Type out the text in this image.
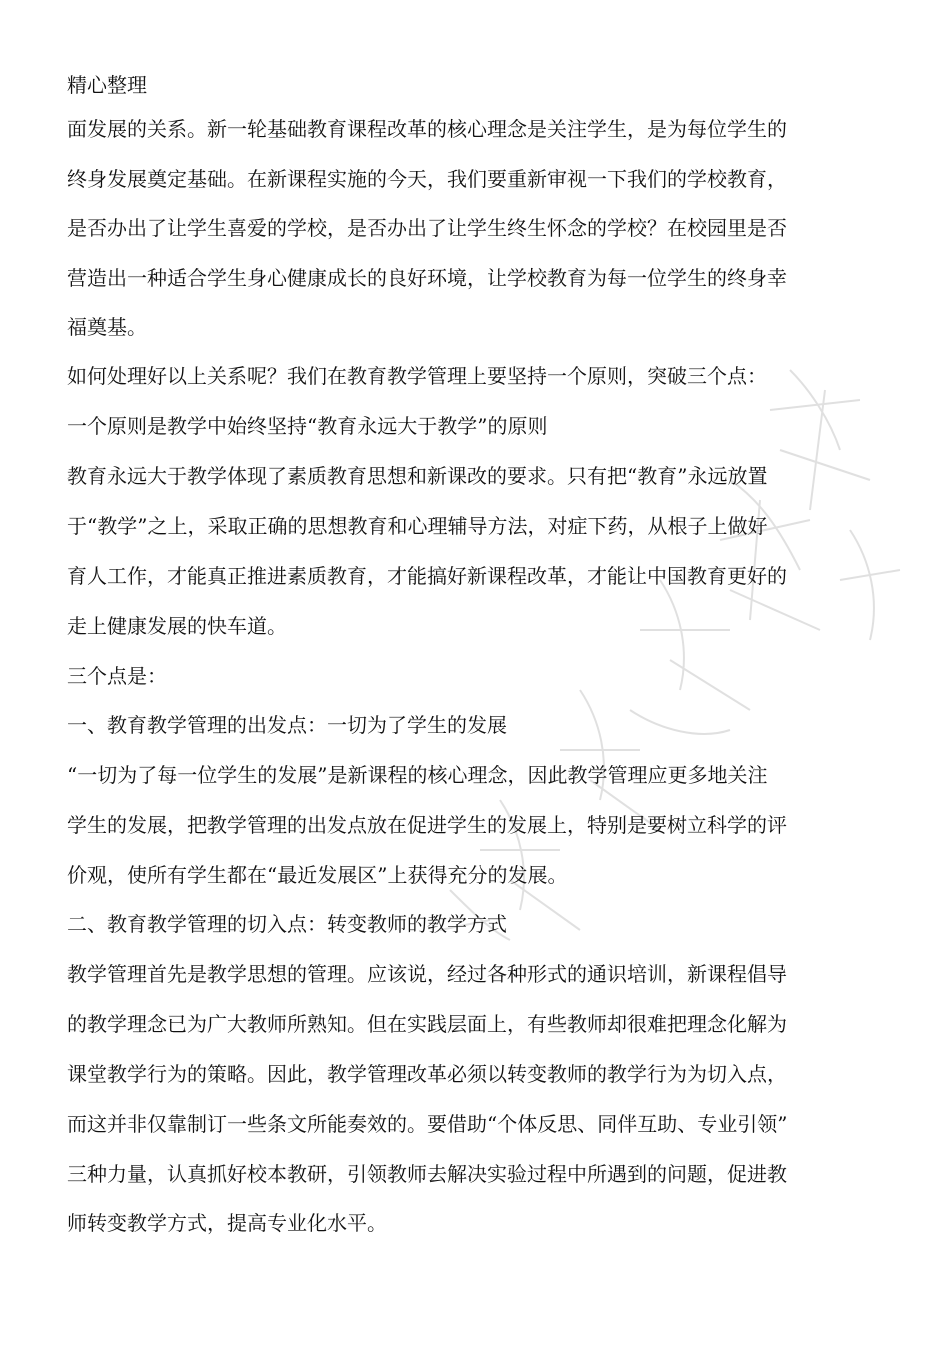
精心整理
面发展的关系。新一轮基础教育课程改革的核心理念是关注学生，是为每位学生的
终身发展奠定基础。在新课程实施的今天，我们要重新审视一下我们的学校教育，
是否办出了让学生喜爱的学校，是否办出了让学生终生怀念的学校？在校园里是否
营造出一种适合学生身心健康成长的良好环境，让学校教育为每一位学生的终身幸
福奠基。
如何处理好以上关系呢？我们在教育教学管理上要坚持一个原则，突破三个点：
一个原则是教学中始终坚持“教育永远大于教学”的原则
教育永远大于教学体现了素质教育思想和新课改的要求。只有把“教育”永远放置
于“教学”之上，采取正确的思想教育和心理辅导方法，对症下药，从根子上做好
育人工作，才能真正推进素质教育，才能搞好新课程改革，才能让中国教育更好的
走上健康发展的快车道。
三个点是：
一、教育教学管理的出发点：一切为了学生的发展
“一切为了每一位学生的发展”是新课程的核心理念，因此教学管理应更多地关注
学生的发展，把教学管理的出发点放在促进学生的发展上，特别是要树立科学的评
价观，使所有学生都在“最近发展区”上获得充分的发展。
二、教育教学管理的切入点：转变教师的教学方式
教学管理首先是教学思想的管理。应该说，经过各种形式的通识培训，新课程倡导
的教学理念已为广大教师所熟知。但在实践层面上，有些教师却很难把理念化解为
课堂教学行为的策略。因此，教学管理改革必须以转变教师的教学行为为切入点，
而这并非仅靠制订一些条文所能奏效的。要借助“个体反思、同伴互助、专业引领”
三种力量，认真抓好校本教研，引领教师去解决实验过程中所遇到的问题，促进教
师转变教学方式，提高专业化水平。
